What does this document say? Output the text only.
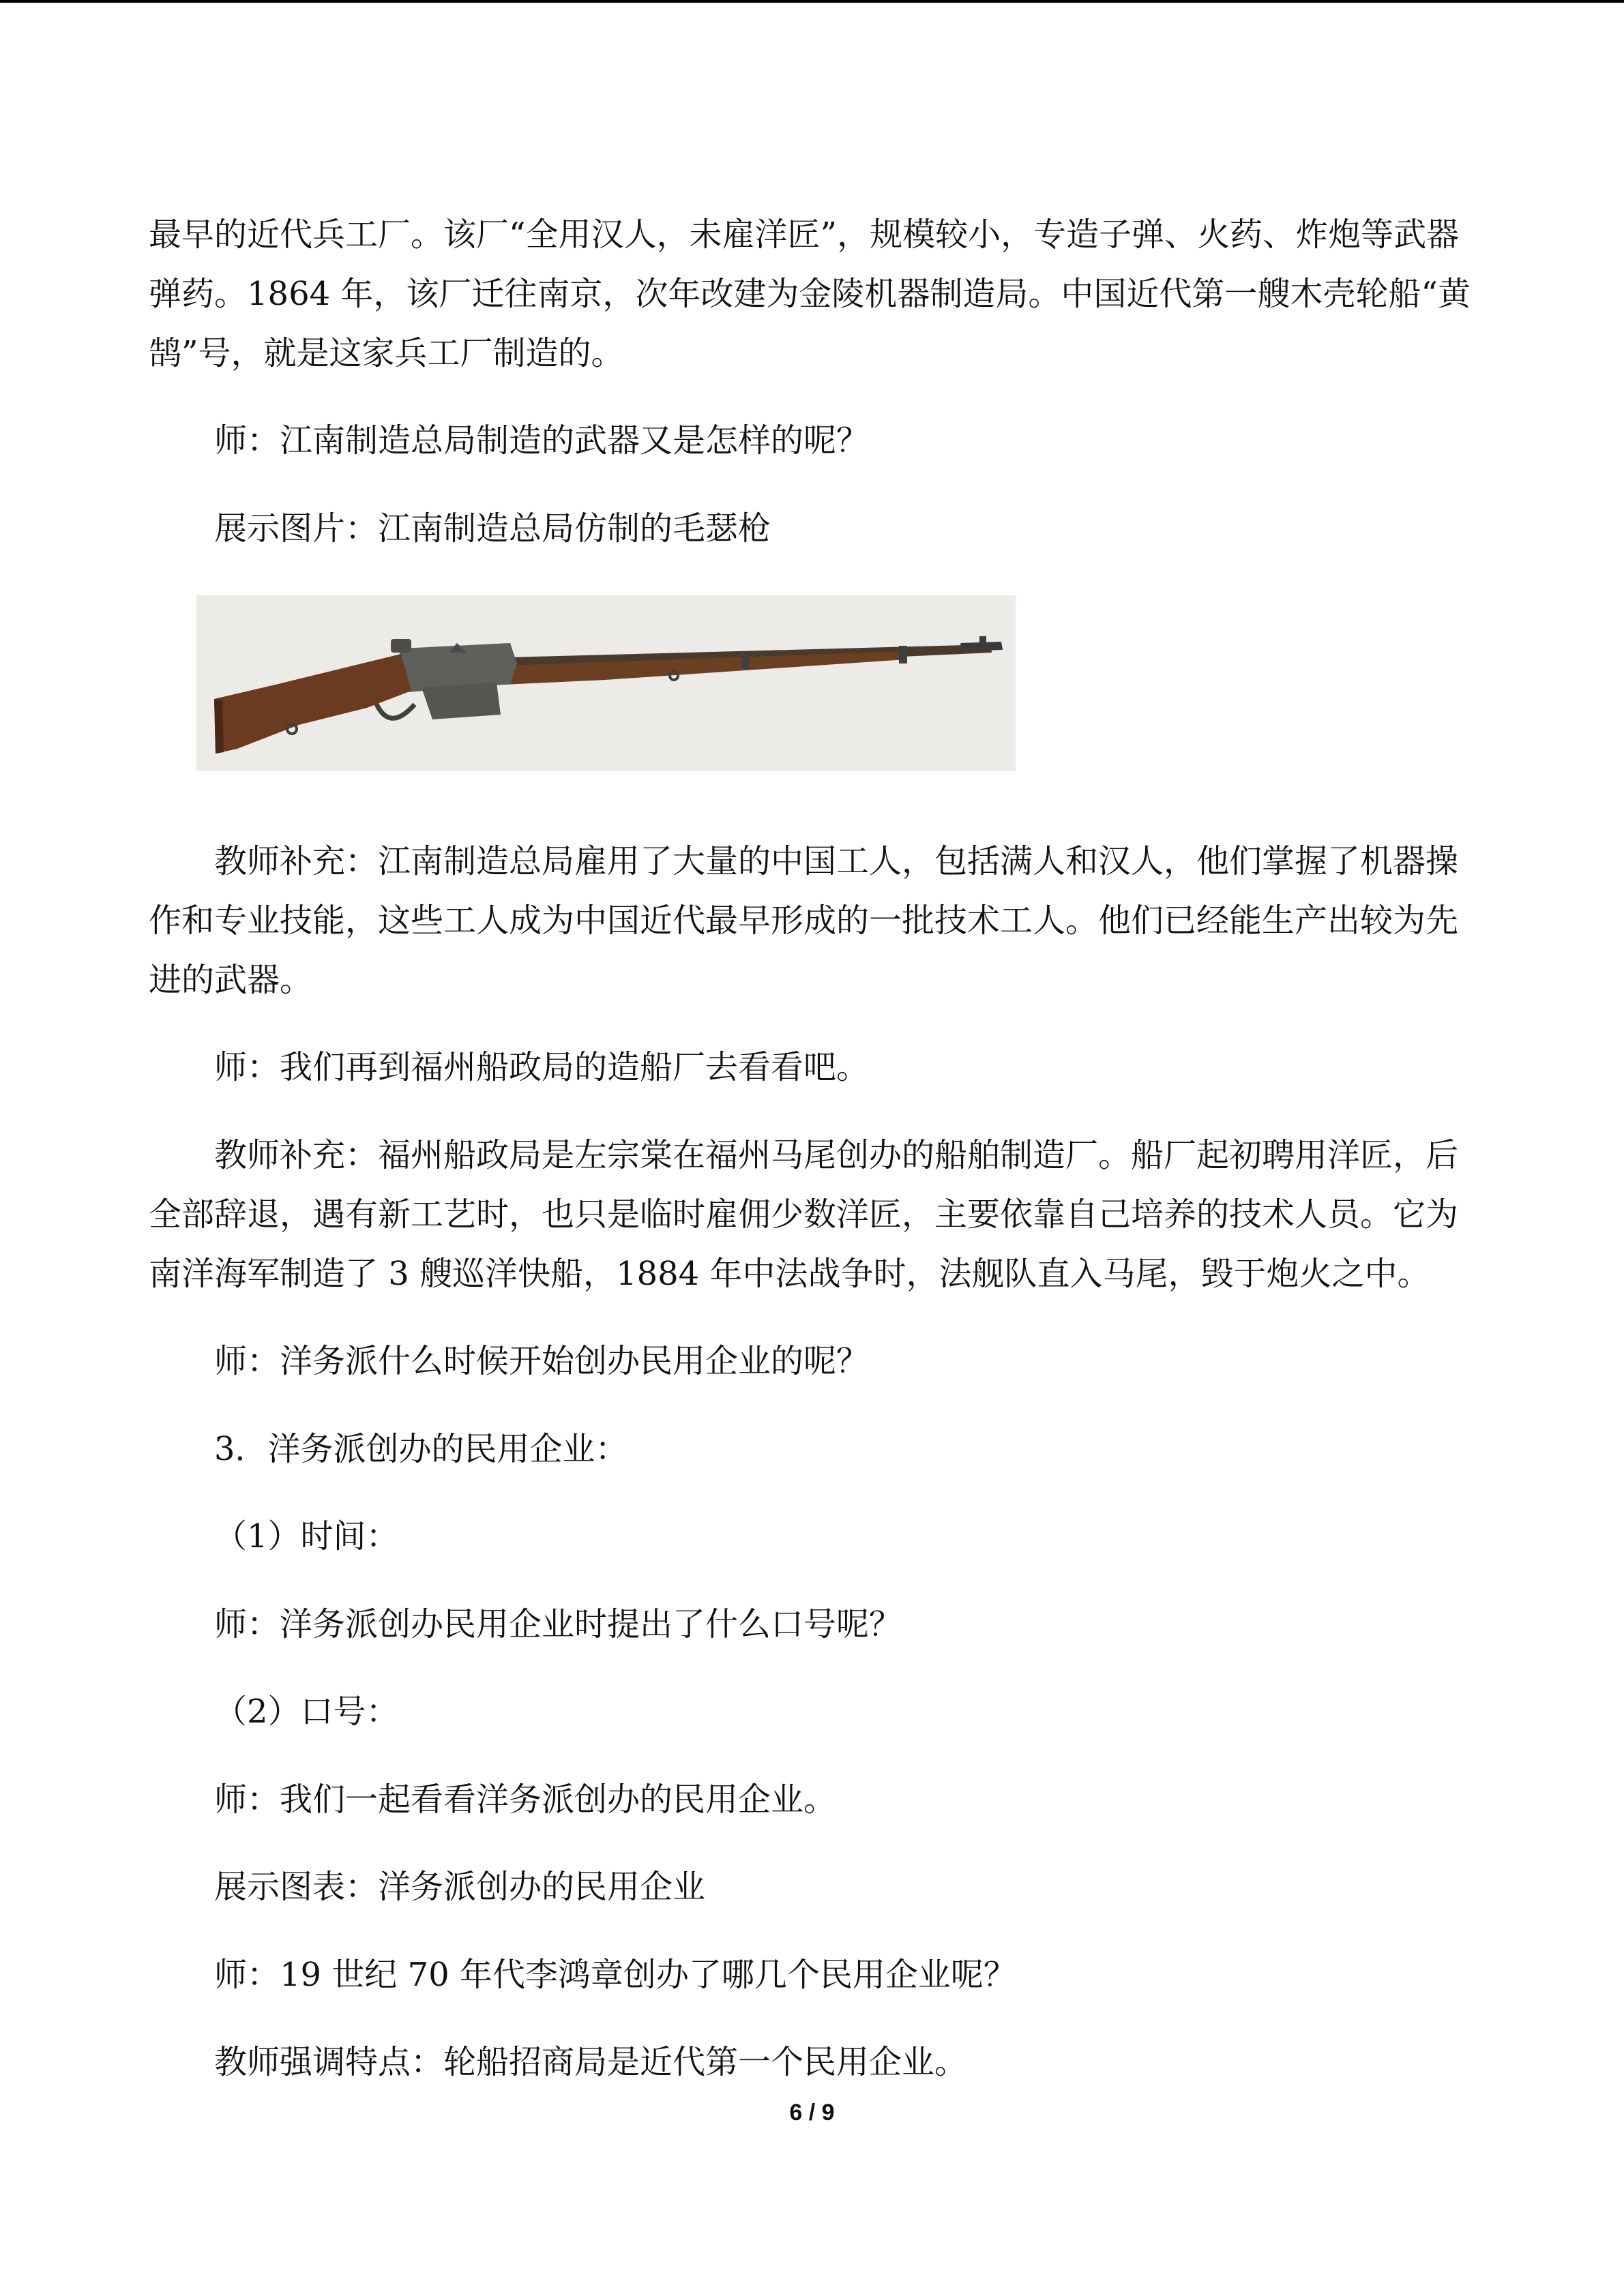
最早的近代兵工厂。该厂“全用汉人，未雇洋匠”，规模较小，专造子弹、火药、炸炮等武器
弹药。1864 年，该厂迁往南京，次年改建为金陵机器制造局。中国近代第一艘木壳轮船“黄
鹄”号，就是这家兵工厂制造的。
师：江南制造总局制造的武器又是怎样的呢？
展示图片：江南制造总局仿制的毛瑟枪
教师补充：江南制造总局雇用了大量的中国工人，包括满人和汉人，他们掌握了机器操
作和专业技能，这些工人成为中国近代最早形成的一批技术工人。他们已经能生产出较为先
进的武器。
师：我们再到福州船政局的造船厂去看看吧。
教师补充：福州船政局是左宗棠在福州马尾创办的船舶制造厂。船厂起初聘用洋匠，后
全部辞退，遇有新工艺时，也只是临时雇佣少数洋匠，主要依靠自己培养的技术人员。它为
南洋海军制造了 3 艘巡洋快船，1884 年中法战争时，法舰队直入马尾，毁于炮火之中。
师：洋务派什么时候开始创办民用企业的呢？
3．洋务派创办的民用企业：
（1）时间：
师：洋务派创办民用企业时提出了什么口号呢？
（2）口号：
师：我们一起看看洋务派创办的民用企业。
展示图表：洋务派创办的民用企业
师：19 世纪 70 年代李鸿章创办了哪几个民用企业呢？
教师强调特点：轮船招商局是近代第一个民用企业。
6 / 9
